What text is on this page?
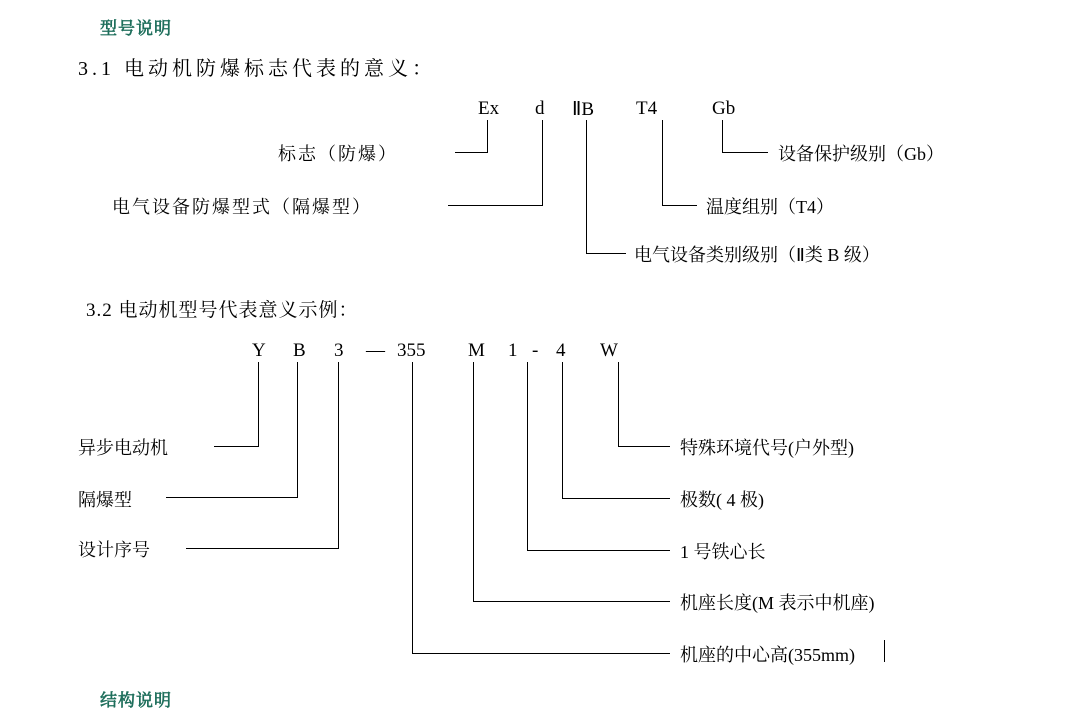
型号说明
3.1 电动机防爆标志代表的意义：
Ex d ⅡB T4	Gb
标志（防爆）
电气设备防爆型式（隔爆型）
设备保护级别（Gb）
温度组别（T4）
电气设备类别级别（Ⅱ类 B 级）
3.2 电动机型号代表意义示例：
Y B 3 — 355 M 1 - 4 W
异步电动机
隔爆型
设计序号
特殊环境代号(户外型)
极数( 4 极)
1 号铁心长
机座长度(M 表示中机座)
机座的中心高(355mm)
结构说明
